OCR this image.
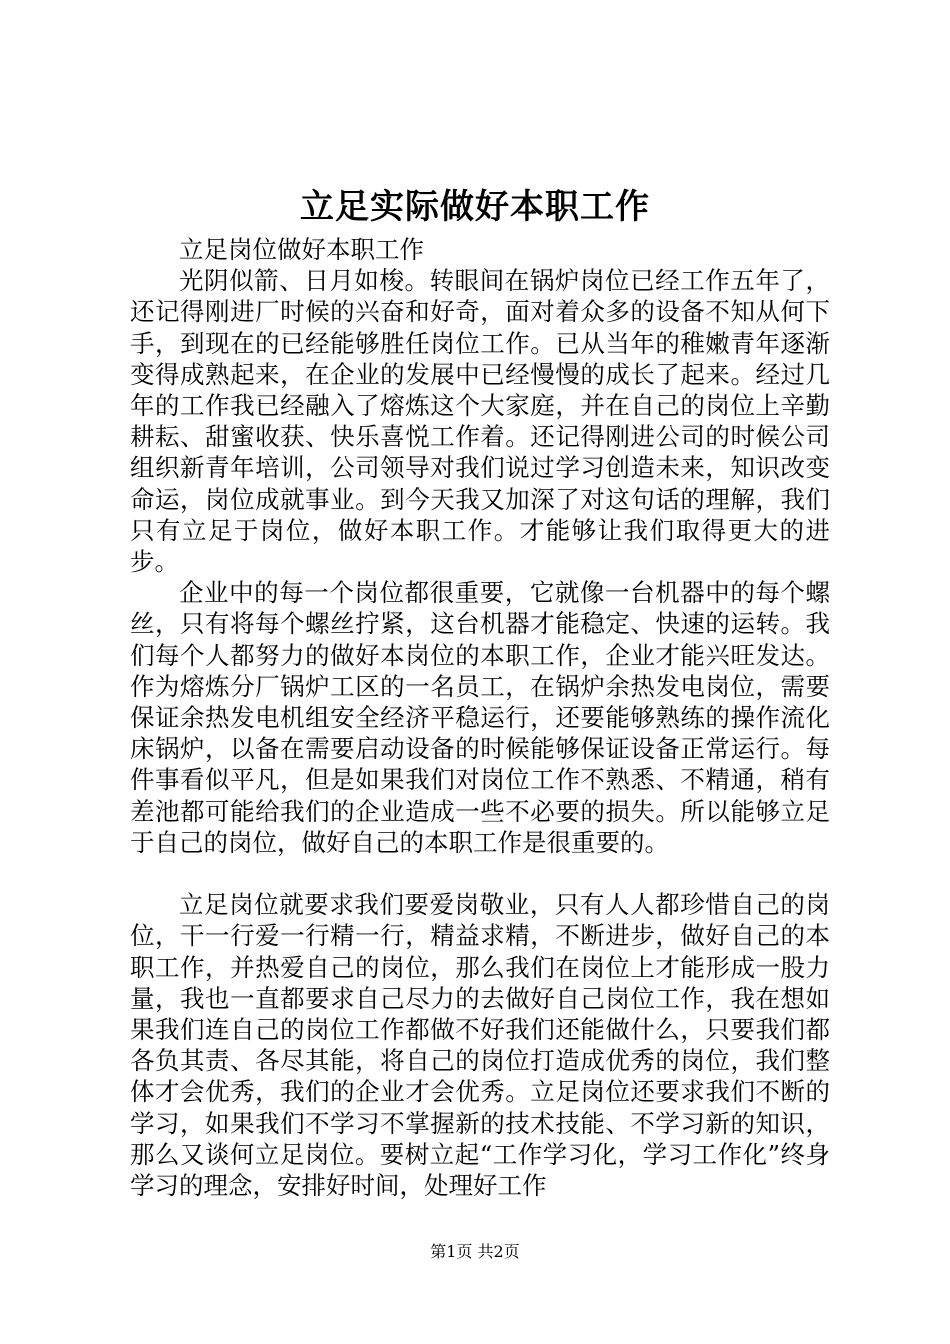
立足实际做好本职工作

立足岗位做好本职工作

光阴似箭、日月如梭。转眼间在锅炉岗位已经工作五年了，还记得刚进厂时候的兴奋和好奇，面对着众多的设备不知从何下手，到现在的已经能够胜任岗位工作。已从当年的稚嫩青年逐渐变得成熟起来，在企业的发展中已经慢慢的成长了起来。经过几年的工作我已经融入了熔炼这个大家庭，并在自己的岗位上辛勤耕耘、甜蜜收获、快乐喜悦工作着。还记得刚进公司的时候公司组织新青年培训，公司领导对我们说过学习创造未来，知识改变命运，岗位成就事业。到今天我又加深了对这句话的理解，我们只有立足于岗位，做好本职工作。才能够让我们取得更大的进步。

企业中的每一个岗位都很重要，它就像一台机器中的每个螺丝，只有将每个螺丝拧紧，这台机器才能稳定、快速的运转。我们每个人都努力的做好本岗位的本职工作，企业才能兴旺发达。作为熔炼分厂锅炉工区的一名员工，在锅炉余热发电岗位，需要保证余热发电机组安全经济平稳运行，还要能够熟练的操作流化床锅炉，以备在需要启动设备的时候能够保证设备正常运行。每件事看似平凡，但是如果我们对岗位工作不熟悉、不精通，稍有差池都可能给我们的企业造成一些不必要的损失。所以能够立足于自己的岗位，做好自己的本职工作是很重要的。

立足岗位就要求我们要爱岗敬业，只有人人都珍惜自己的岗位，干一行爱一行精一行，精益求精，不断进步，做好自己的本职工作，并热爱自己的岗位，那么我们在岗位上才能形成一股力量，我也一直都要求自己尽力的去做好自己岗位工作，我在想如果我们连自己的岗位工作都做不好我们还能做什么，只要我们都各负其责、各尽其能，将自己的岗位打造成优秀的岗位，我们整体才会优秀，我们的企业才会优秀。立足岗位还要求我们不断的学习，如果我们不学习不掌握新的技术技能、不学习新的知识，那么又谈何立足岗位。要树立起“工作学习化，学习工作化”终身学习的理念，安排好时间，处理好工作

第1页 共2页
